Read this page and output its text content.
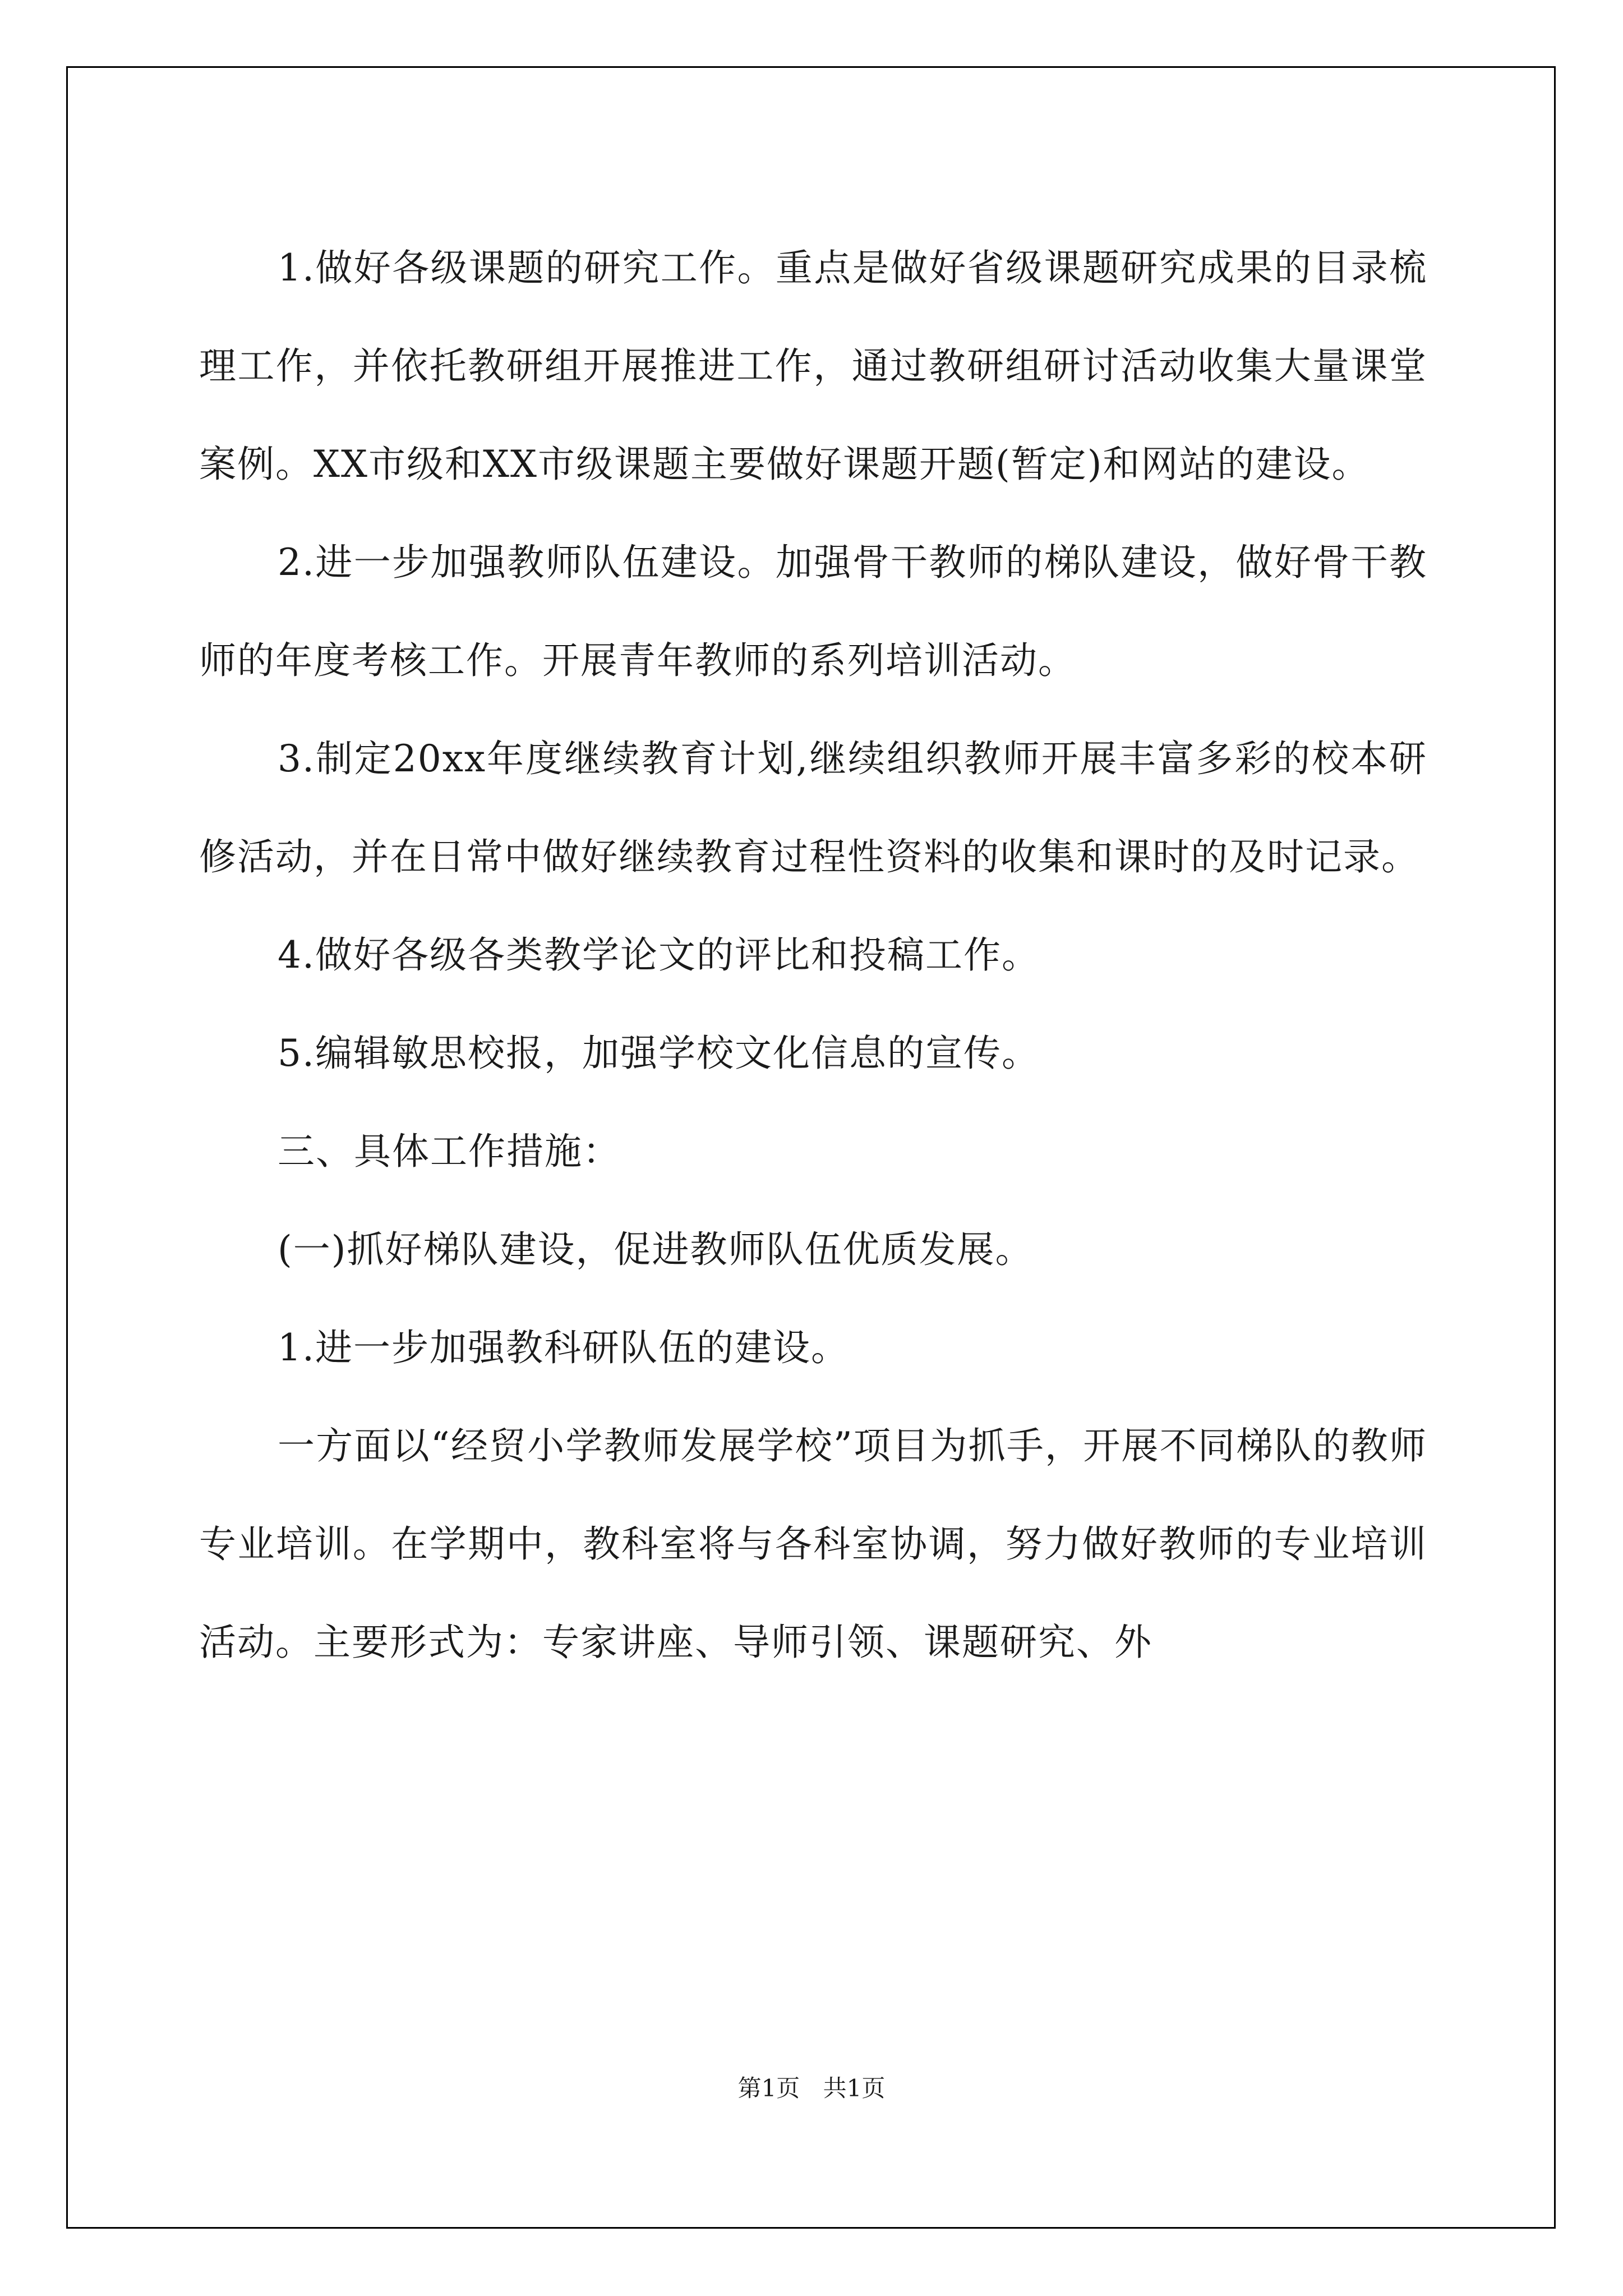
1.做好各级课题的研究工作。重点是做好省级课题研究成果的目录梳理工作，并依托教研组开展推进工作，通过教研组研讨活动收集大量课堂案例。XX市级和XX市级课题主要做好课题开题(暂定)和网站的建设。

2.进一步加强教师队伍建设。加强骨干教师的梯队建设，做好骨干教师的年度考核工作。开展青年教师的系列培训活动。

3.制定20xx年度继续教育计划,继续组织教师开展丰富多彩的校本研修活动，并在日常中做好继续教育过程性资料的收集和课时的及时记录。

4.做好各级各类教学论文的评比和投稿工作。

5.编辑敏思校报，加强学校文化信息的宣传。

三、具体工作措施：

(一)抓好梯队建设，促进教师队伍优质发展。

1.进一步加强教科研队伍的建设。

一方面以“经贸小学教师发展学校”项目为抓手，开展不同梯队的教师专业培训。在学期中，教科室将与各科室协调，努力做好教师的专业培训活动。主要形式为：专家讲座、导师引领、课题研究、外

第1页 共1页
